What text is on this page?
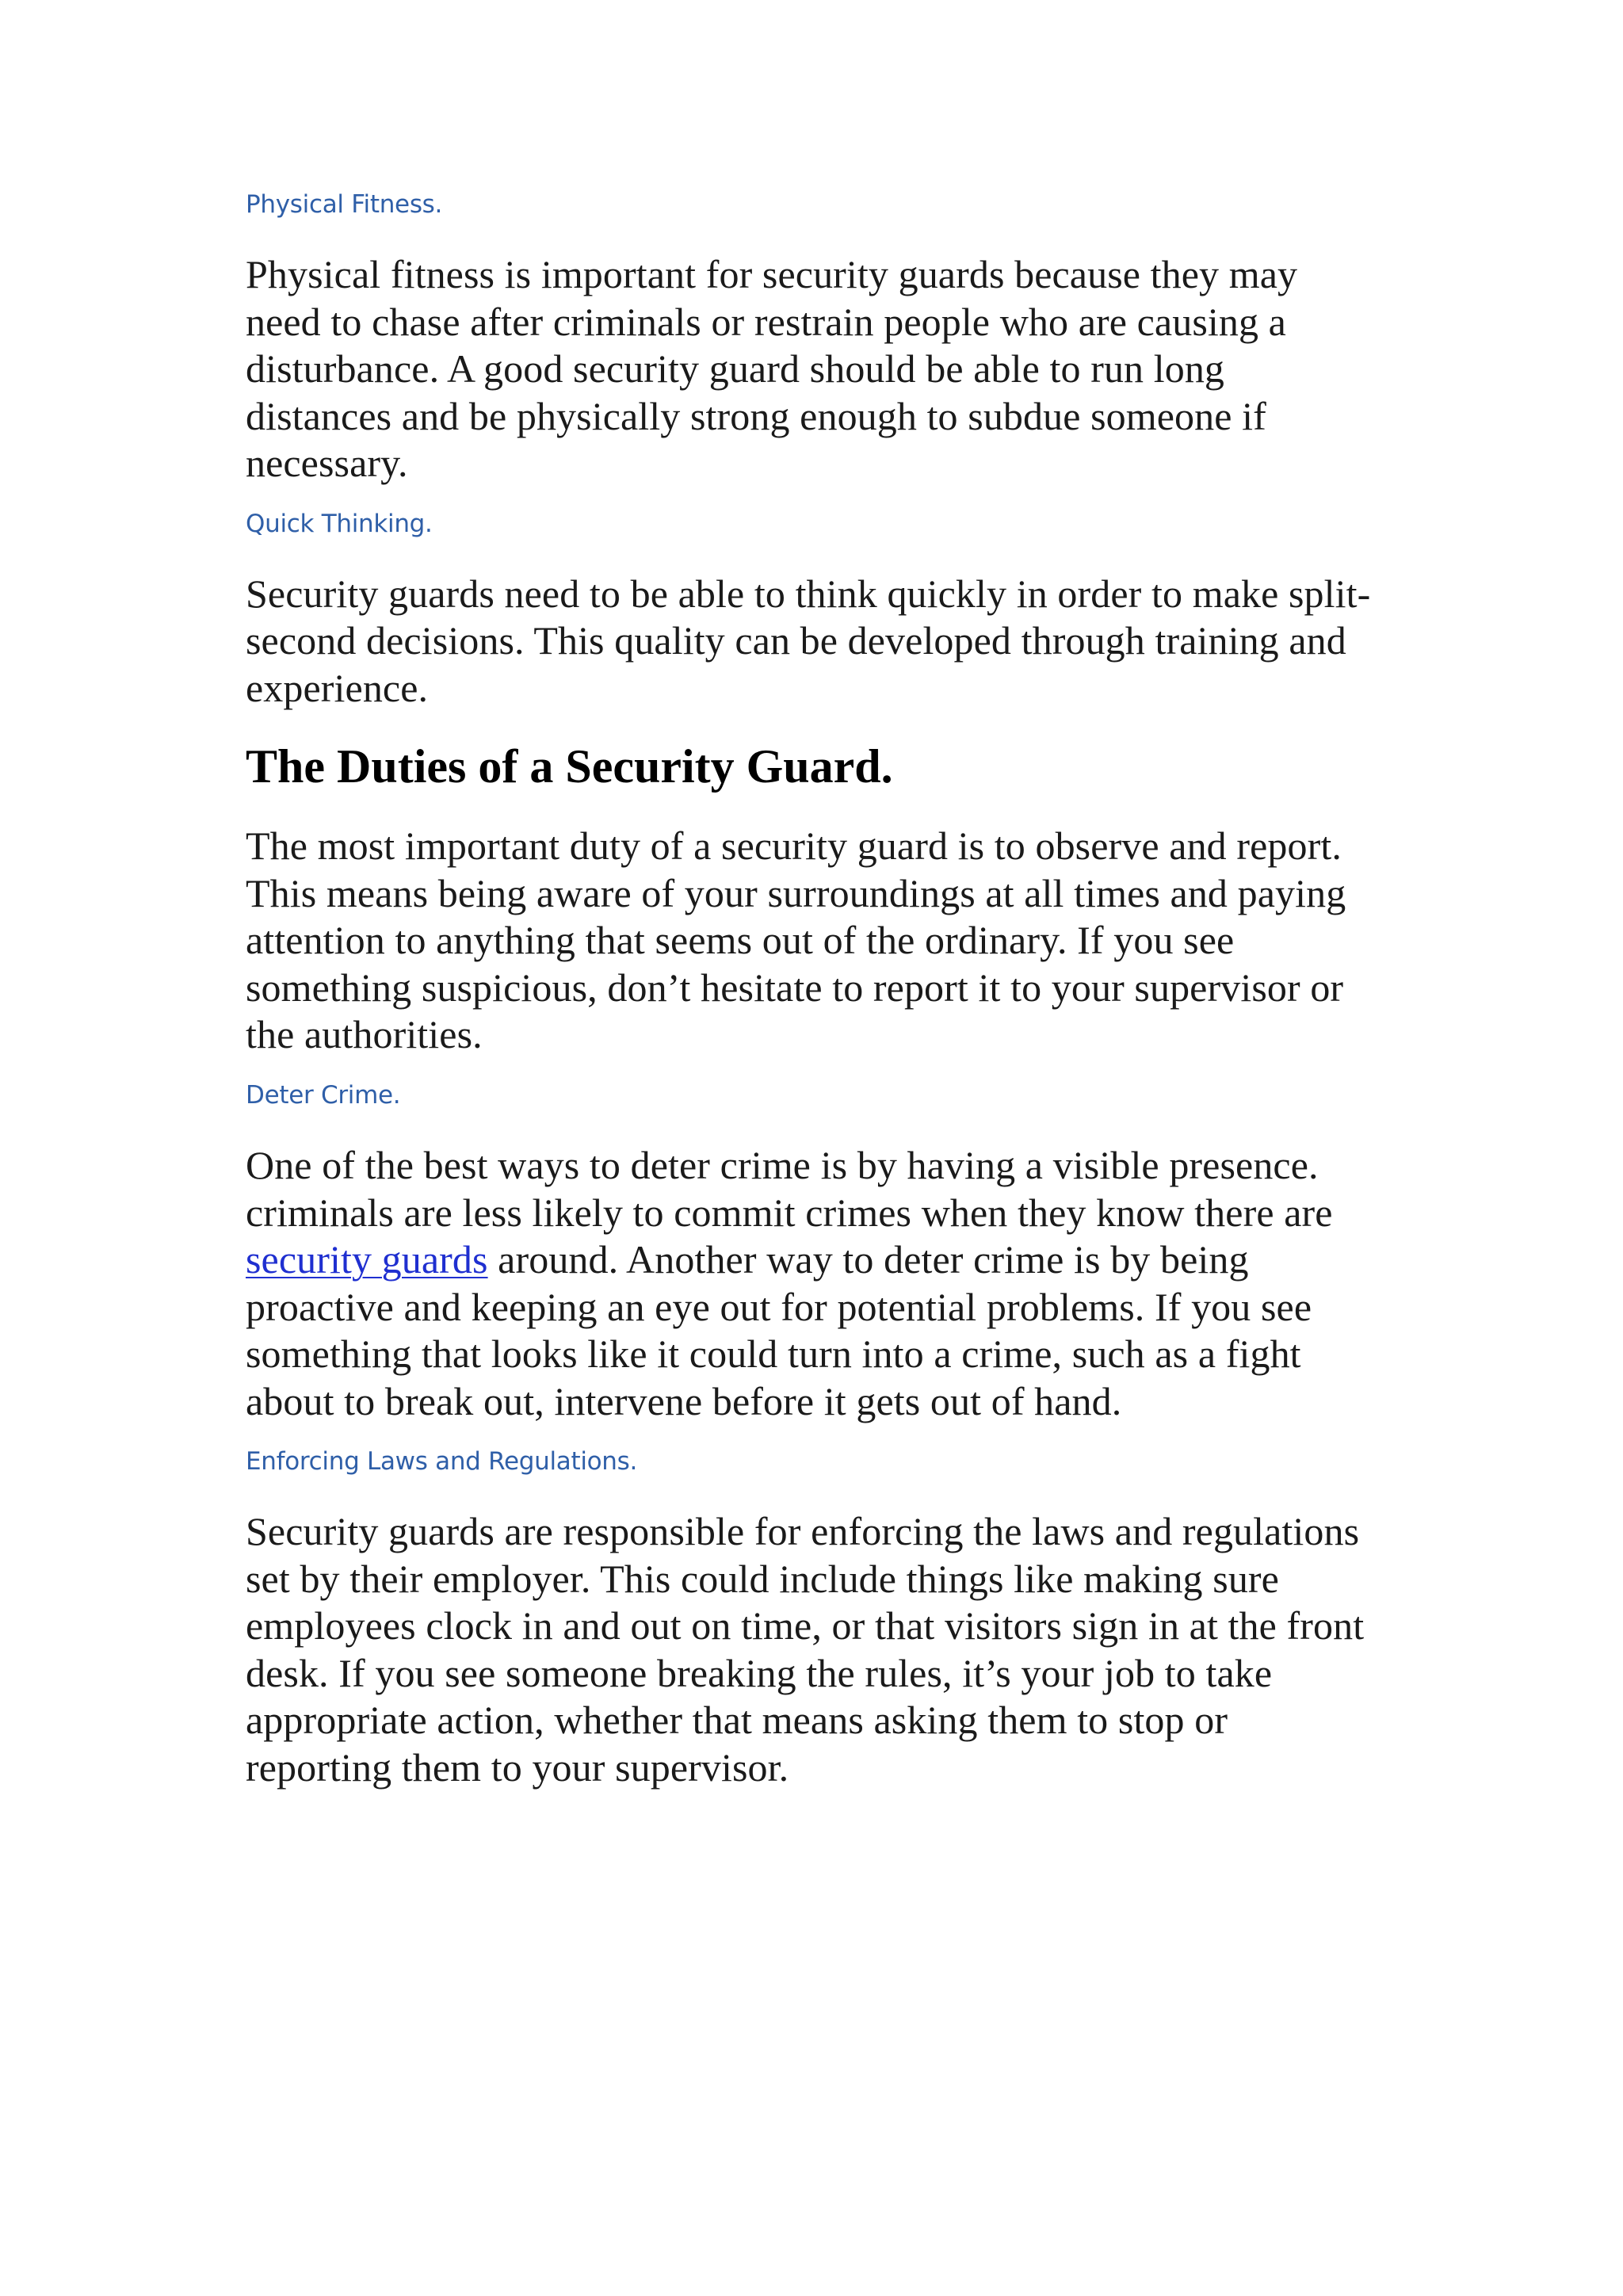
Physical Fitness.

Physical fitness is important for security guards because they may need to chase after criminals or restrain people who are causing a disturbance. A good security guard should be able to run long distances and be physically strong enough to subdue someone if necessary.

Quick Thinking.

Security guards need to be able to think quickly in order to make split-second decisions. This quality can be developed through training and experience.

The Duties of a Security Guard.

The most important duty of a security guard is to observe and report. This means being aware of your surroundings at all times and paying attention to anything that seems out of the ordinary. If you see something suspicious, don’t hesitate to report it to your supervisor or the authorities.

Deter Crime.

One of the best ways to deter crime is by having a visible presence. criminals are less likely to commit crimes when they know there are security guards around. Another way to deter crime is by being proactive and keeping an eye out for potential problems. If you see something that looks like it could turn into a crime, such as a fight about to break out, intervene before it gets out of hand.

Enforcing Laws and Regulations.

Security guards are responsible for enforcing the laws and regulations set by their employer. This could include things like making sure employees clock in and out on time, or that visitors sign in at the front desk. If you see someone breaking the rules, it’s your job to take appropriate action, whether that means asking them to stop or reporting them to your supervisor.
